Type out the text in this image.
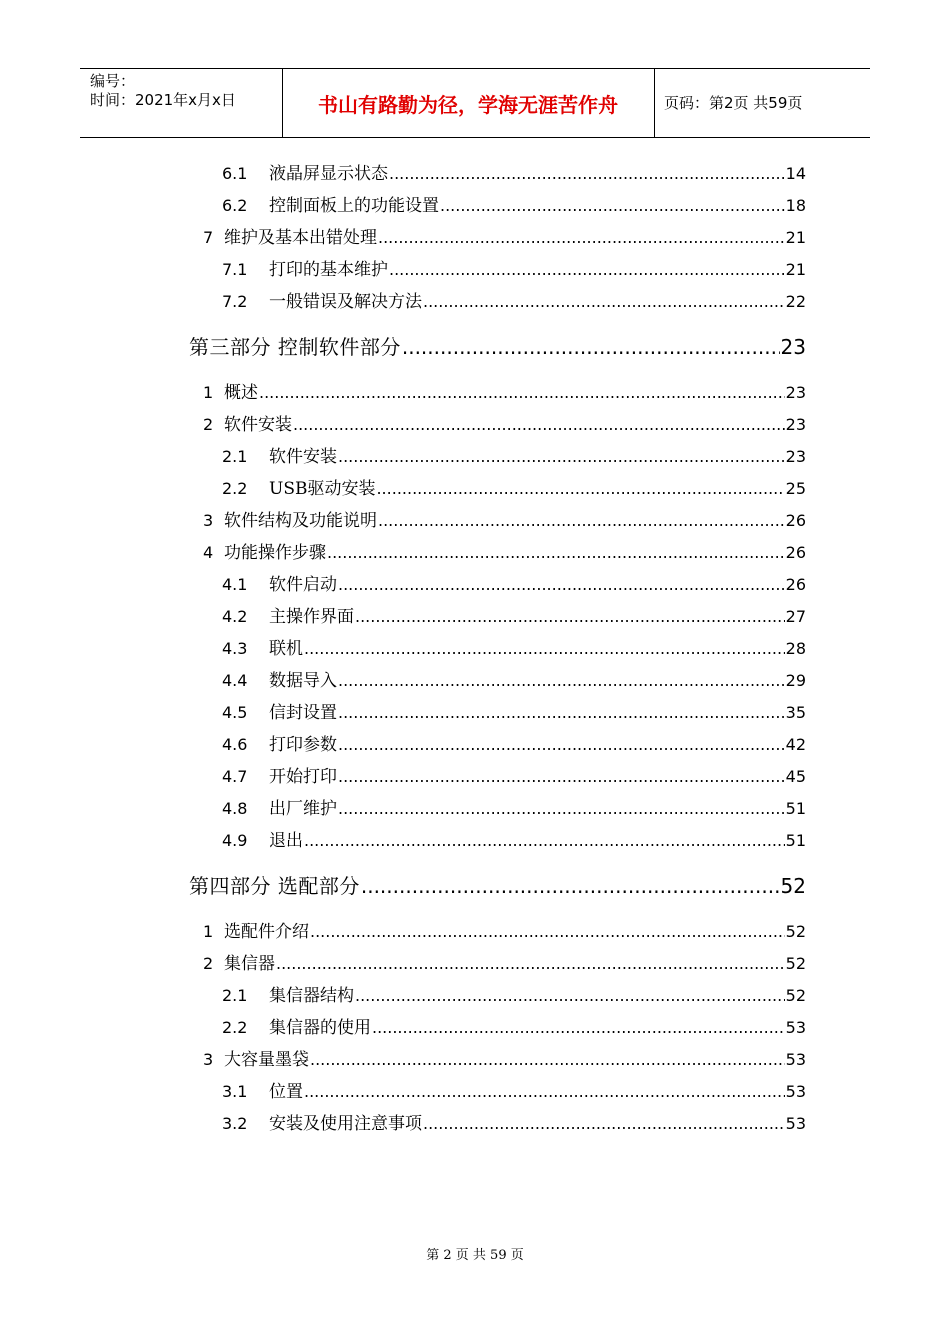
编号：
时间：2021年x月x日	书山有路勤为径，学海无涯苦作舟	页码：第2页 共59页
6.1	液晶屏显示状态 .....	14
6.2	控制面板上的功能设置 .....	18
7 维护及基本出错处理 .....	21
7.1	打印的基本维护 .....	21
7.2	一般错误及解决方法 .....	22
第三部分 控制软件部分 .....	23
1 概述 .....	23
2 软件安装 .....	23
2.1	软件安装 .....	23
2.2	USB驱动安装 .....	25
3 软件结构及功能说明 .....	26
4 功能操作步骤 .....	26
4.1	软件启动 .....	26
4.2	主操作界面 .....	27
4.3	联机 .....	28
4.4	数据导入 .....	29
4.5	信封设置 .....	35
4.6	打印参数 .....	42
4.7	开始打印 .....	45
4.8	出厂维护 .....	51
4.9	退出 .....	51
第四部分 选配部分 .....	52
1 选配件介绍 .....	52
2 集信器 .....	52
2.1	集信器结构 .....	52
2.2	集信器的使用 .....	53
3 大容量墨袋 .....	53
3.1	位置 .....	53
3.2	安装及使用注意事项 .....	53
第 2 页 共 59 页
